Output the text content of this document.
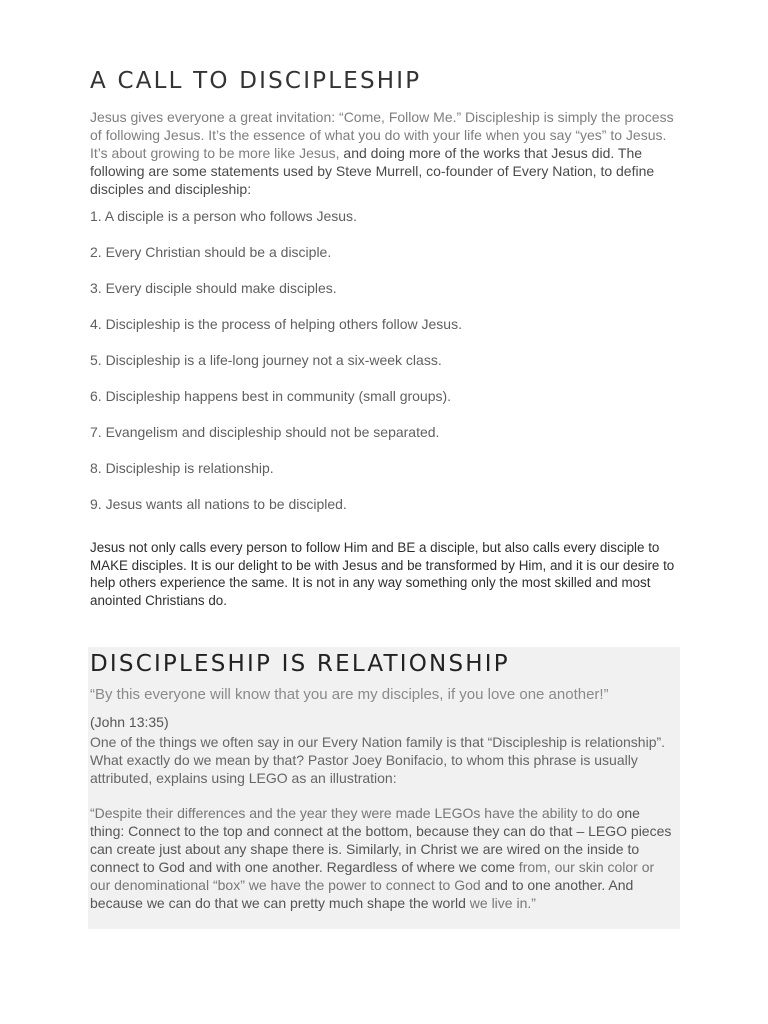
A CALL TO DISCIPLESHIP

Jesus gives everyone a great invitation: “Come, Follow Me.” Discipleship is simply the process of following Jesus. It’s the essence of what you do with your life when you say “yes” to Jesus. It’s about growing to be more like Jesus, and doing more of the works that Jesus did. The following are some statements used by Steve Murrell, co-founder of Every Nation, to define disciples and discipleship:

1. A disciple is a person who follows Jesus.
2. Every Christian should be a disciple.
3. Every disciple should make disciples.
4. Discipleship is the process of helping others follow Jesus.
5. Discipleship is a life-long journey not a six-week class.
6. Discipleship happens best in community (small groups).
7. Evangelism and discipleship should not be separated.
8. Discipleship is relationship.
9. Jesus wants all nations to be discipled.

Jesus not only calls every person to follow Him and BE a disciple, but also calls every disciple to MAKE disciples. It is our delight to be with Jesus and be transformed by Him, and it is our desire to help others experience the same. It is not in any way something only the most skilled and most anointed Christians do.

DISCIPLESHIP IS RELATIONSHIP

“By this everyone will know that you are my disciples, if you love one another!”

(John 13:35)

One of the things we often say in our Every Nation family is that “Discipleship is relationship”. What exactly do we mean by that? Pastor Joey Bonifacio, to whom this phrase is usually attributed, explains using LEGO as an illustration:

“Despite their differences and the year they were made LEGOs have the ability to do one thing: Connect to the top and connect at the bottom, because they can do that – LEGO pieces can create just about any shape there is. Similarly, in Christ we are wired on the inside to connect to God and with one another. Regardless of where we come from, our skin color or our denominational “box” we have the power to connect to God and to one another. And because we can do that we can pretty much shape the world we live in.”
